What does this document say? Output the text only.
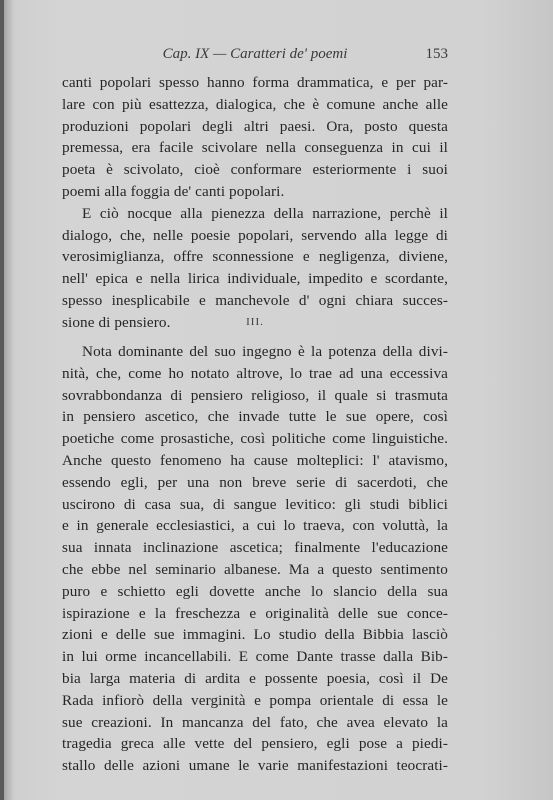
Cap. IX — Caratteri de' poemi	153
canti popolari spesso hanno forma drammatica, e per par-
lare con più esattezza, dialogica, che è comune anche alle
produzioni popolari degli altri paesi. Ora, posto questa
premessa, era facile scivolare nella conseguenza in cui il
poeta è scivolato, cioè conformare esteriormente i suoi
poemi alla foggia de' canti popolari.
E ciò nocque alla pienezza della narrazione, perchè il
dialogo, che, nelle poesie popolari, servendo alla legge di
verosimiglianza, offre sconnessione e negligenza, diviene,
nell' epica e nella lirica individuale, impedito e scordante,
spesso inesplicabile e manchevole d' ogni chiara succes-
sione di pensiero.	III.
Nota dominante del suo ingegno è la potenza della divi-
nità, che, come ho notato altrove, lo trae ad una eccessiva
sovrabbondanza di pensiero religioso, il quale si trasmuta
in pensiero ascetico, che invade tutte le sue opere, così
poetiche come prosastiche, così politiche come linguistiche.
Anche questo fenomeno ha cause molteplici: l' atavismo,
essendo egli, per una non breve serie di sacerdoti, che
uscirono di casa sua, di sangue levitico: gli studi biblici
e in generale ecclesiastici, a cui lo traeva, con voluttà, la
sua innata inclinazione ascetica; finalmente l'educazione
che ebbe nel seminario albanese. Ma a questo sentimento
puro e schietto egli dovette anche lo slancio della sua
ispirazione e la freschezza e originalità delle sue conce-
zioni e delle sue immagini. Lo studio della Bibbia lasciò
in lui orme incancellabili. E come Dante trasse dalla Bib-
bia larga materia di ardita e possente poesia, così il De
Rada infiorò della verginità e pompa orientale di essa le
sue creazioni. In mancanza del fato, che avea elevato la
tragedia greca alle vette del pensiero, egli pose a piedi-
stallo delle azioni umane le varie manifestazioni teocrati-
